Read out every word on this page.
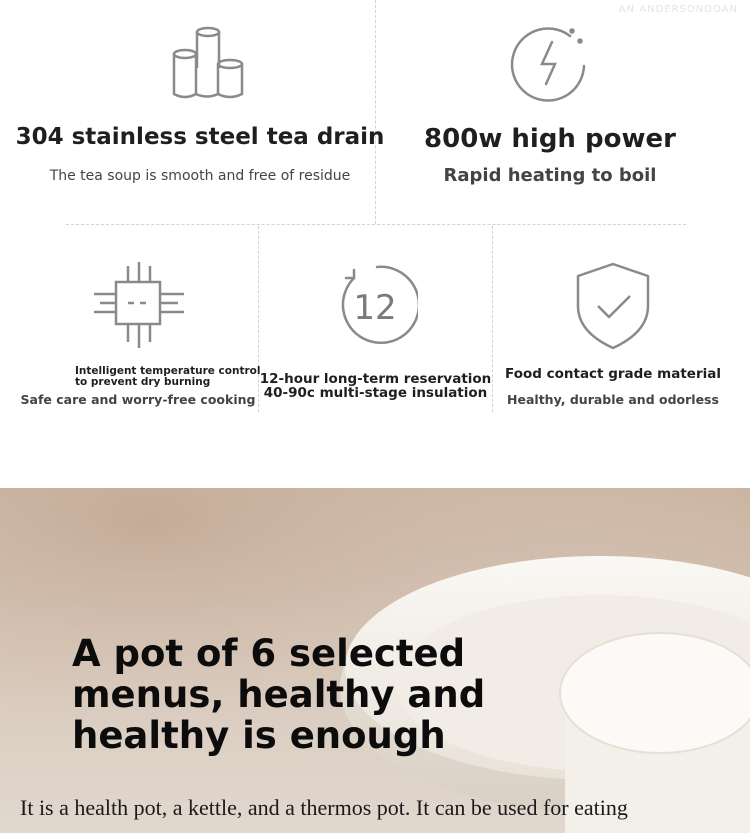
AN ANDERSONDOAN
304 stainless steel tea drain
The tea soup is smooth and free of residue
800w high power
Rapid heating to boil
Intelligent temperature control
to prevent dry burning
Safe care and worry-free cooking
12
12-hour long-term reservation
40-90c multi-stage insulation
Food contact grade material
Healthy, durable and odorless
A pot of 6 selected
menus, healthy and
healthy is enough
It is a health pot, a kettle, and a thermos pot. It can be used for eating
